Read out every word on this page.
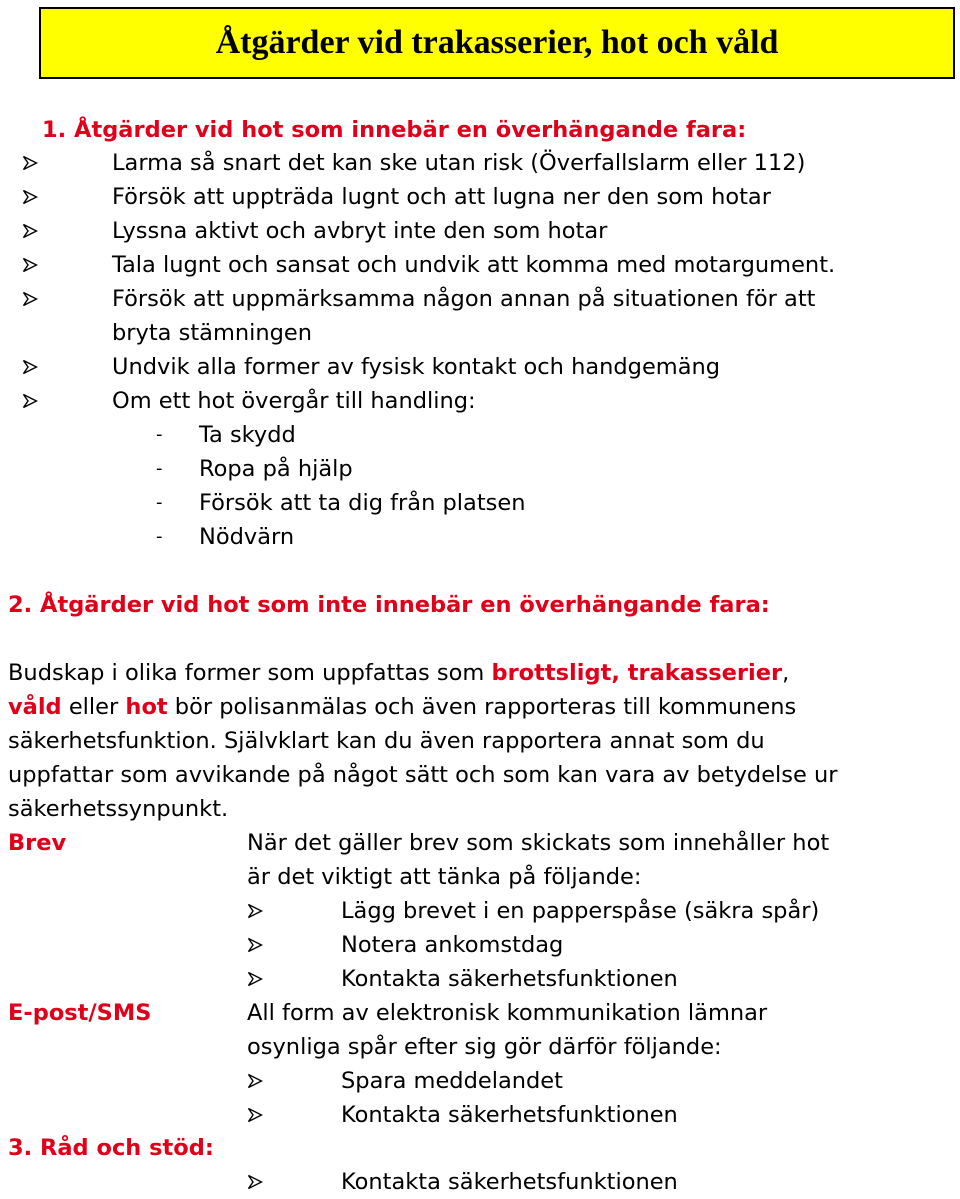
Åtgärder vid trakasserier, hot och våld
1. Åtgärder vid hot som innebär en överhängande fara:
Larma så snart det kan ske utan risk (Överfallslarm eller 112)
Försök att uppträda lugnt och att lugna ner den som hotar
Lyssna aktivt och avbryt inte den som hotar
Tala lugnt och sansat och undvik att komma med motargument.
Försök att uppmärksamma någon annan på situationen för att
bryta stämningen
Undvik alla former av fysisk kontakt och handgemäng
Om ett hot övergår till handling:
- Ta skydd
- Ropa på hjälp
- Försök att ta dig från platsen
- Nödvärn
2. Åtgärder vid hot som inte innebär en överhängande fara:
Budskap i olika former som uppfattas som brottsligt, trakasserier,
våld eller hot bör polisanmälas och även rapporteras till kommunens
säkerhetsfunktion. Självklart kan du även rapportera annat som du
uppfattar som avvikande på något sätt och som kan vara av betydelse ur
säkerhetssynpunkt.
Brev	När det gäller brev som skickats som innehåller hot
är det viktigt att tänka på följande:
Lägg brevet i en papperspåse (säkra spår)
Notera ankomstdag
Kontakta säkerhetsfunktionen
E-post/SMS	All form av elektronisk kommunikation lämnar
osynliga spår efter sig gör därför följande:
Spara meddelandet
Kontakta säkerhetsfunktionen
3. Råd och stöd:
Kontakta säkerhetsfunktionen
